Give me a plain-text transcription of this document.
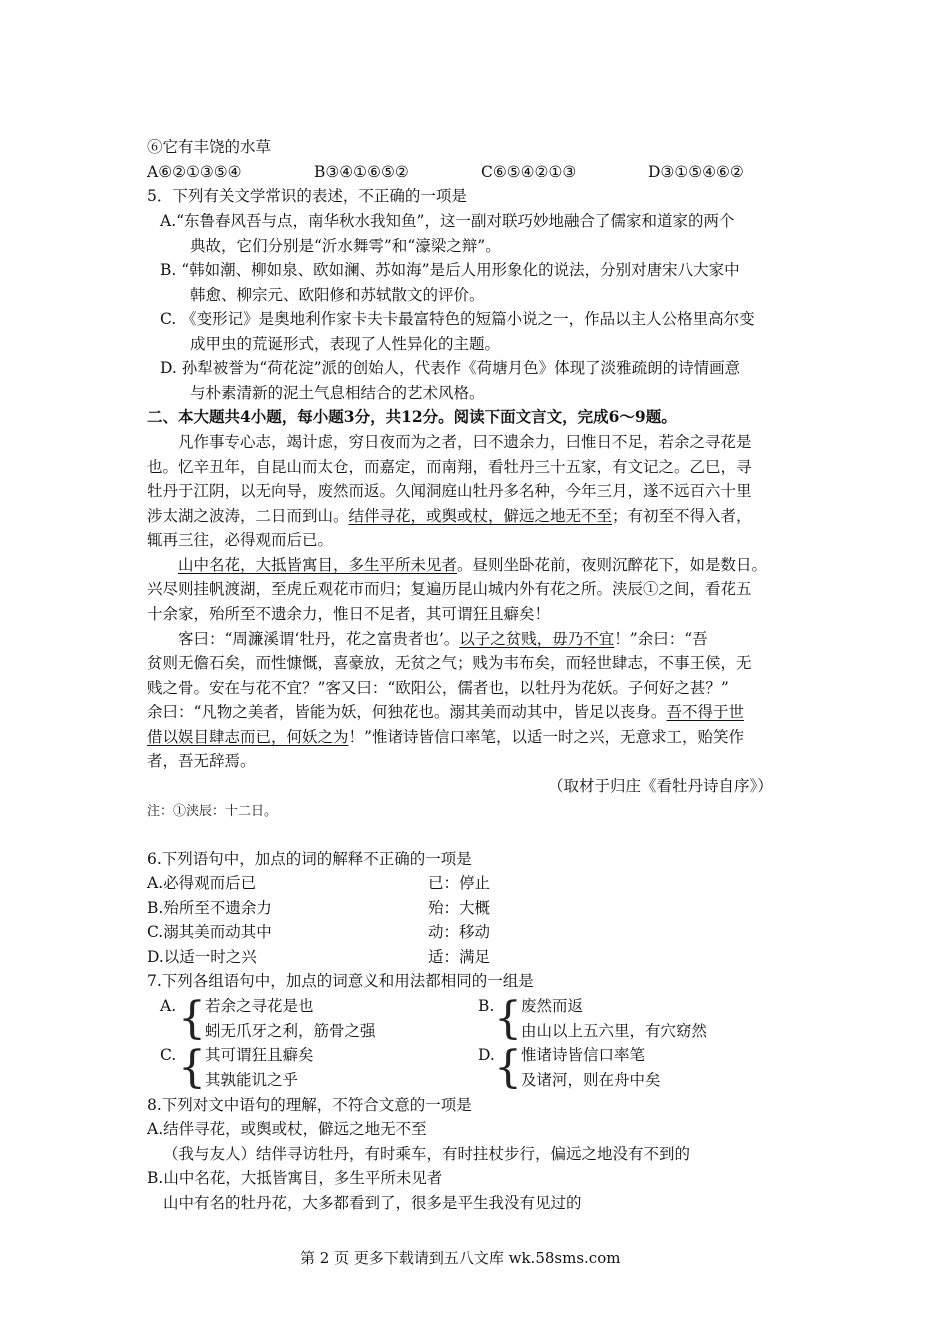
⑥它有丰饶的水草
A⑥②①③⑤④	B③④①⑥⑤②	C⑥⑤④②①③	D③①⑤④⑥②
5．下列有关文学常识的表述，不正确的一项是
A.“东鲁春风吾与点，南华秋水我知鱼”，这一副对联巧妙地融合了儒家和道家的两个
典故，它们分别是“沂水舞雩”和“濠梁之辩”。
B. “韩如潮、柳如泉、欧如澜、苏如海”是后人用形象化的说法，分别对唐宋八大家中
韩愈、柳宗元、欧阳修和苏轼散文的评价。
C. 《变形记》是奥地利作家卡夫卡最富特色的短篇小说之一，作品以主人公格里高尔变
成甲虫的荒诞形式，表现了人性异化的主题。
D. 孙犁被誉为“荷花淀”派的创始人，代表作《荷塘月色》体现了淡雅疏朗的诗情画意
与朴素清新的泥土气息相结合的艺术风格。
二、本大题共4小题，每小题3分，共12分。阅读下面文言文，完成6～9题。
凡作事专心志，竭计虑，穷日夜而为之者，曰不遗余力，曰惟日不足，若余之寻花是
也。忆辛丑年，自昆山而太仓，而嘉定，而南翔，看牡丹三十五家，有文记之。乙巳，寻
牡丹于江阴，以无向导，废然而返。久闻洞庭山牡丹多名种，今年三月，遂不远百六十里
涉太湖之波涛，二日而到山。结伴寻花，或舆或杖，僻远之地无不至；有初至不得入者，
辄再三往，必得观而后已。
山中名花，大抵皆寓目，多生平所未见者。昼则坐卧花前，夜则沉醉花下，如是数日。
兴尽则挂帆渡湖，至虎丘观花市而归；复遍历昆山城内外有花之所。浃辰①之间，看花五
十余家，殆所至不遗余力，惟日不足者，其可谓狂且癖矣！
客曰：“周濂溪谓‘牡丹，花之富贵者也’。以子之贫贱，毋乃不宜！”余曰：“吾
贫则无儋石矣，而性慷慨，喜豪放，无贫之气；贱为韦布矣，而轻世肆志，不事王侯，无
贱之骨。安在与花不宜？”客又曰：“欧阳公，儒者也，以牡丹为花妖。子何好之甚？”
余曰：“凡物之美者，皆能为妖，何独花也。溺其美而动其中，皆足以丧身。吾不得于世
借以娱目肆志而已，何妖之为！”惟诸诗皆信口率笔，以适一时之兴，无意求工，贻笑作
者，吾无辞焉。
（取材于归庄《看牡丹诗自序》）
注：①浃辰：十二日。
6.下列语句中，加点的词的解释不正确的一项是
A.必得观而后已	已：停止
B.殆所至不遗余力	殆：大概
C.溺其美而动其中	动：移动
D.以适一时之兴	适：满足
7.下列各组语句中，加点的词意义和用法都相同的一组是
A. { 若余之寻花是也
蚓无爪牙之利，筋骨之强
B. { 废然而返
由山以上五六里，有穴窈然
C. { 其可谓狂且癖矣
其孰能讥之乎
D. { 惟诸诗皆信口率笔
及诸河，则在舟中矣
8.下列对文中语句的理解，不符合文意的一项是
A.结伴寻花，或舆或杖，僻远之地无不至
（我与友人）结伴寻访牡丹，有时乘车，有时拄杖步行，偏远之地没有不到的
B.山中名花，大抵皆寓目，多生平所未见者
山中有名的牡丹花，大多都看到了，很多是平生我没有见过的
第 2 页 更多下载请到五八文库 wk.58sms.com
